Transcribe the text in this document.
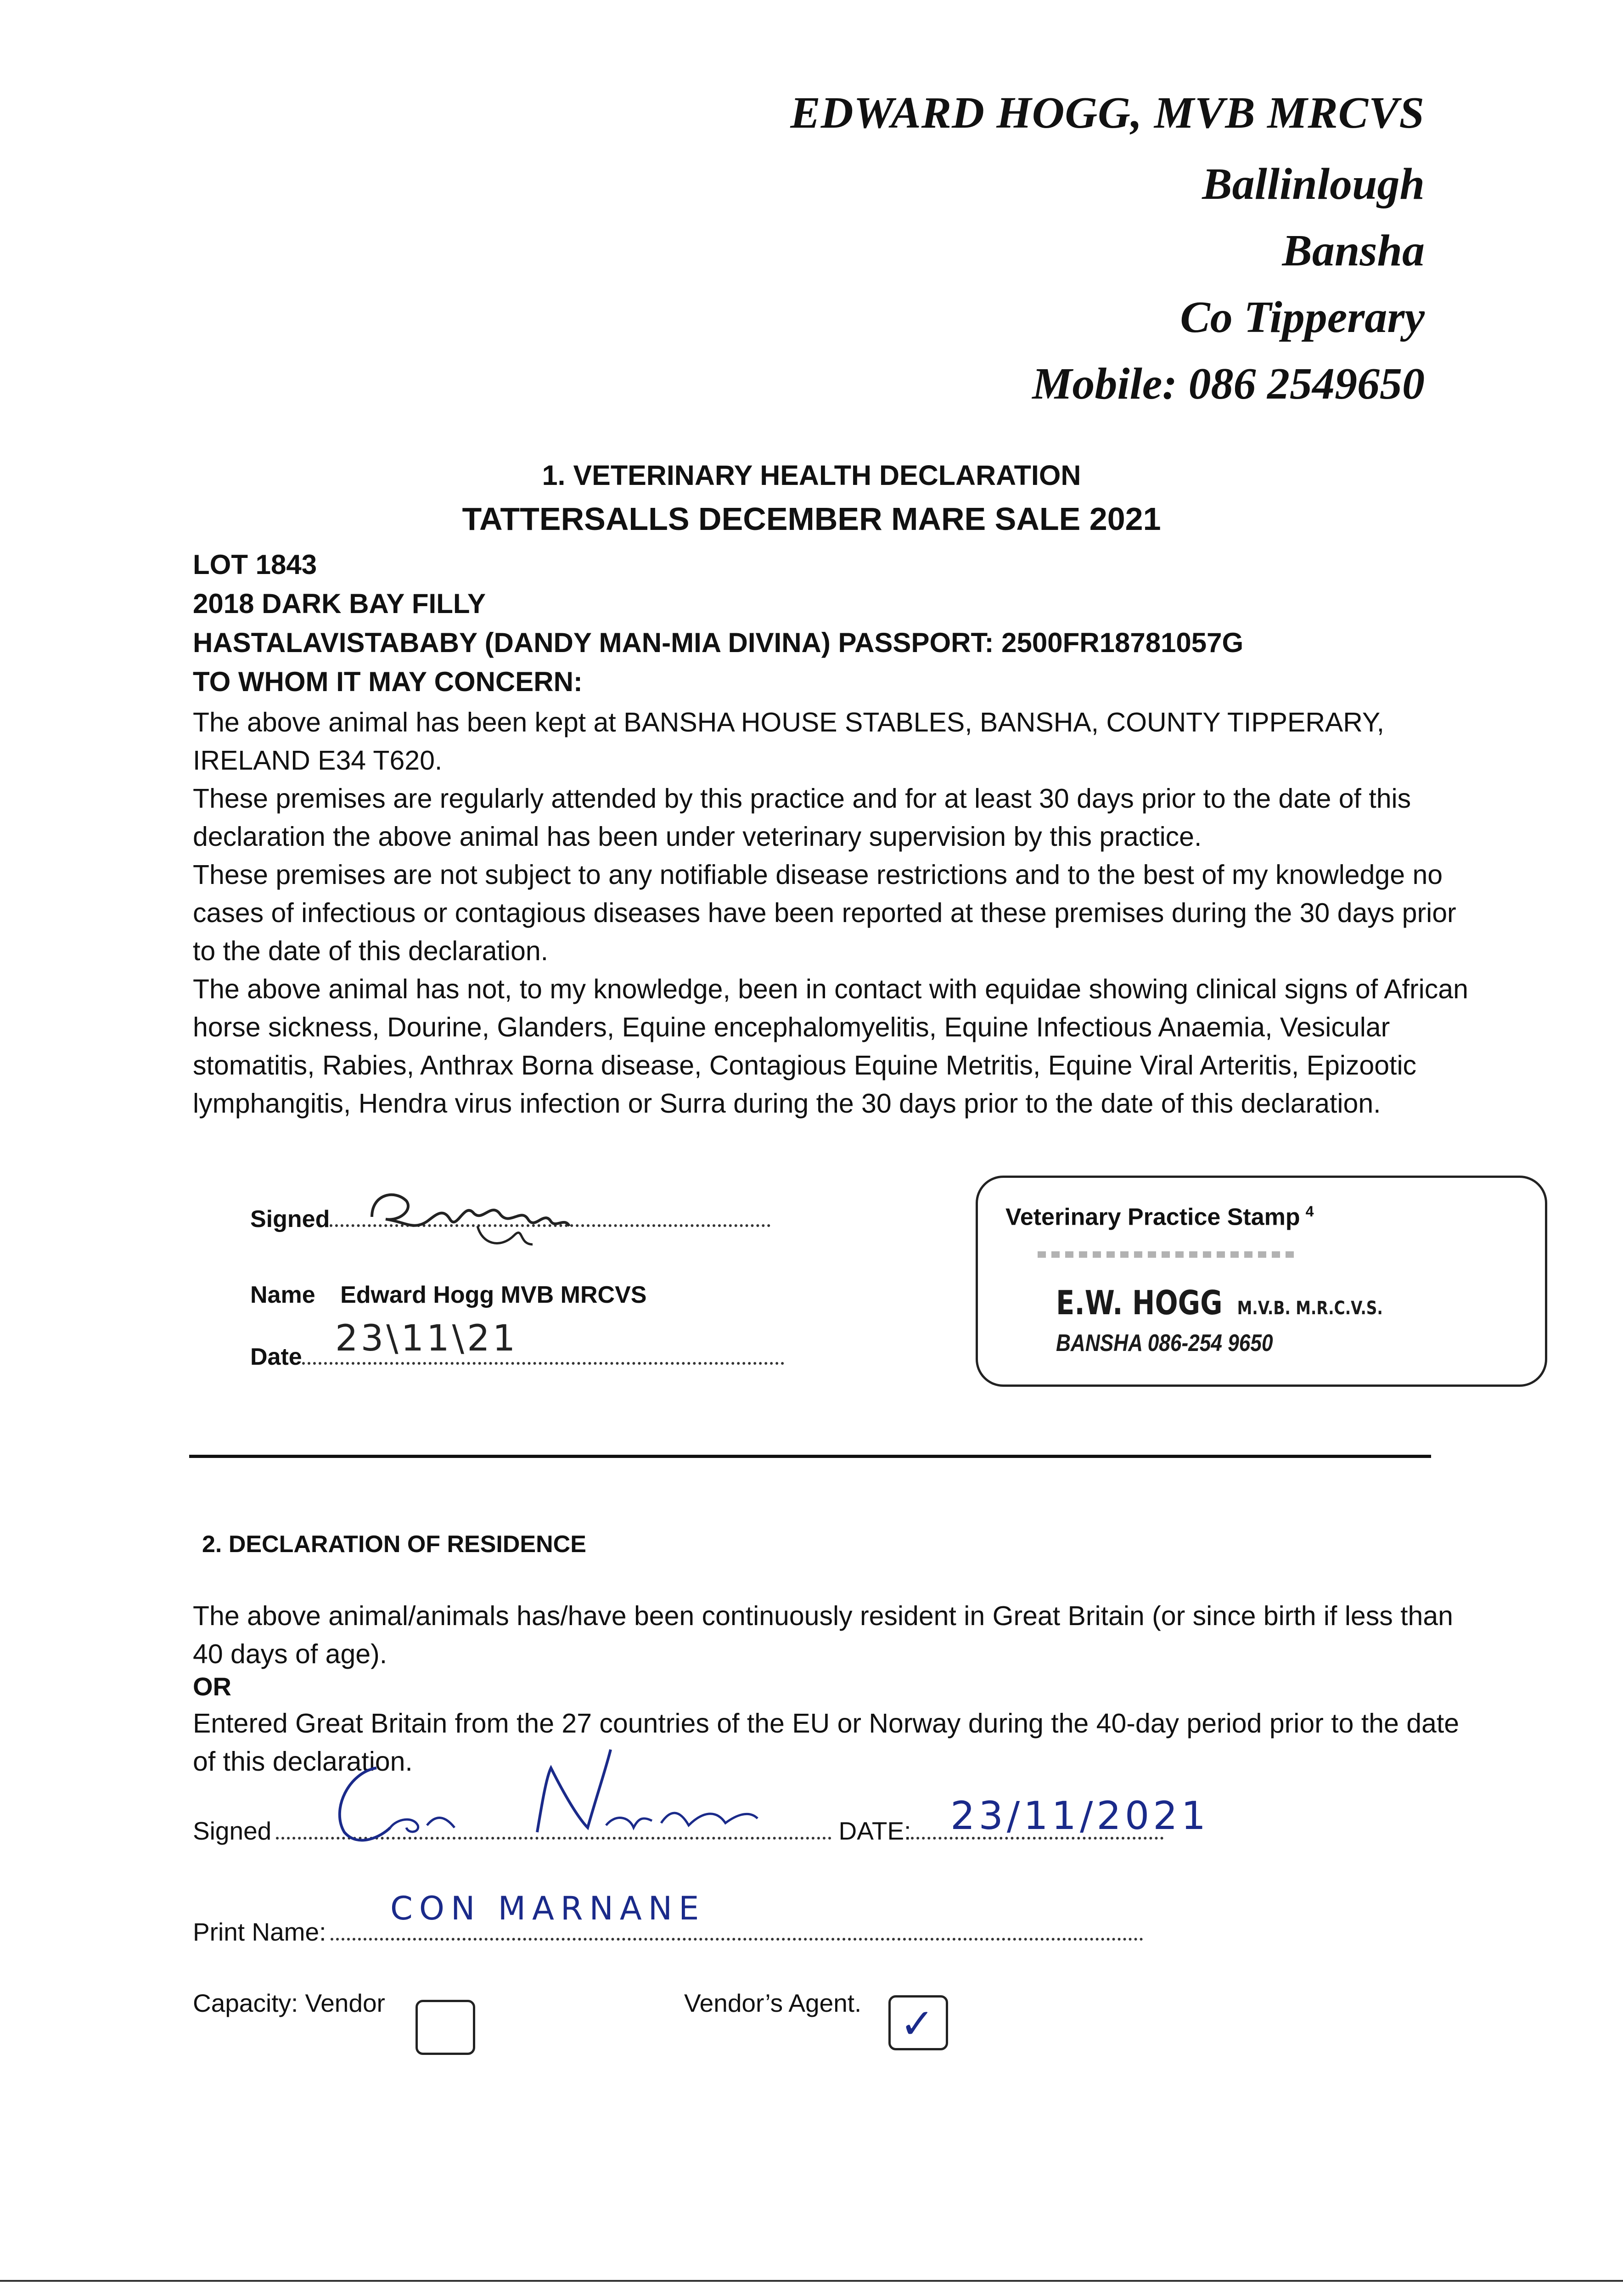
EDWARD HOGG, MVB MRCVS
Ballinlough
Bansha
Co Tipperary
Mobile: 086 2549650
1. VETERINARY HEALTH DECLARATION
TATTERSALLS DECEMBER MARE SALE 2021
LOT 1843
2018 DARK BAY FILLY
HASTALAVISTABABY (DANDY MAN-MIA DIVINA) PASSPORT: 2500FR18781057G
TO WHOM IT MAY CONCERN:

The above animal has been kept at BANSHA HOUSE STABLES, BANSHA, COUNTY TIPPERARY, IRELAND E34 T620.

These premises are regularly attended by this practice and for at least 30 days prior to the date of this declaration the above animal has been under veterinary supervision by this practice.

These premises are not subject to any notifiable disease restrictions and to the best of my knowledge no cases of infectious or contagious diseases have been reported at these premises during the 30 days prior to the date of this declaration.

The above animal has not, to my knowledge, been in contact with equidae showing clinical signs of African horse sickness, Dourine, Glanders, Equine encephalomyelitis, Equine Infectious Anaemia, Vesicular stomatitis, Rabies, Anthrax Borna disease, Contagious Equine Metritis, Equine Viral Arteritis, Epizootic lymphangitis, Hendra virus infection or Surra during the 30 days prior to the date of this declaration.

Signed
Name Edward Hogg MVB MRCVS
Date 23\11\21
Veterinary Practice Stamp $^4$
E.W. HOGG M.V.B. M.R.C.V.S.
BANSHA 086-254 9650
2. DECLARATION OF RESIDENCE
The above animal/animals has/have been continuously resident in Great Britain (or since birth if less than 40 days of age).
OR
Entered Great Britain from the 27 countries of the EU or Norway during the 40-day period prior to the date of this declaration.
Signed	DATE:	23/11/2021
Print Name:
CON MARNANE
Capacity: Vendor	Vendor’s Agent. ✓
